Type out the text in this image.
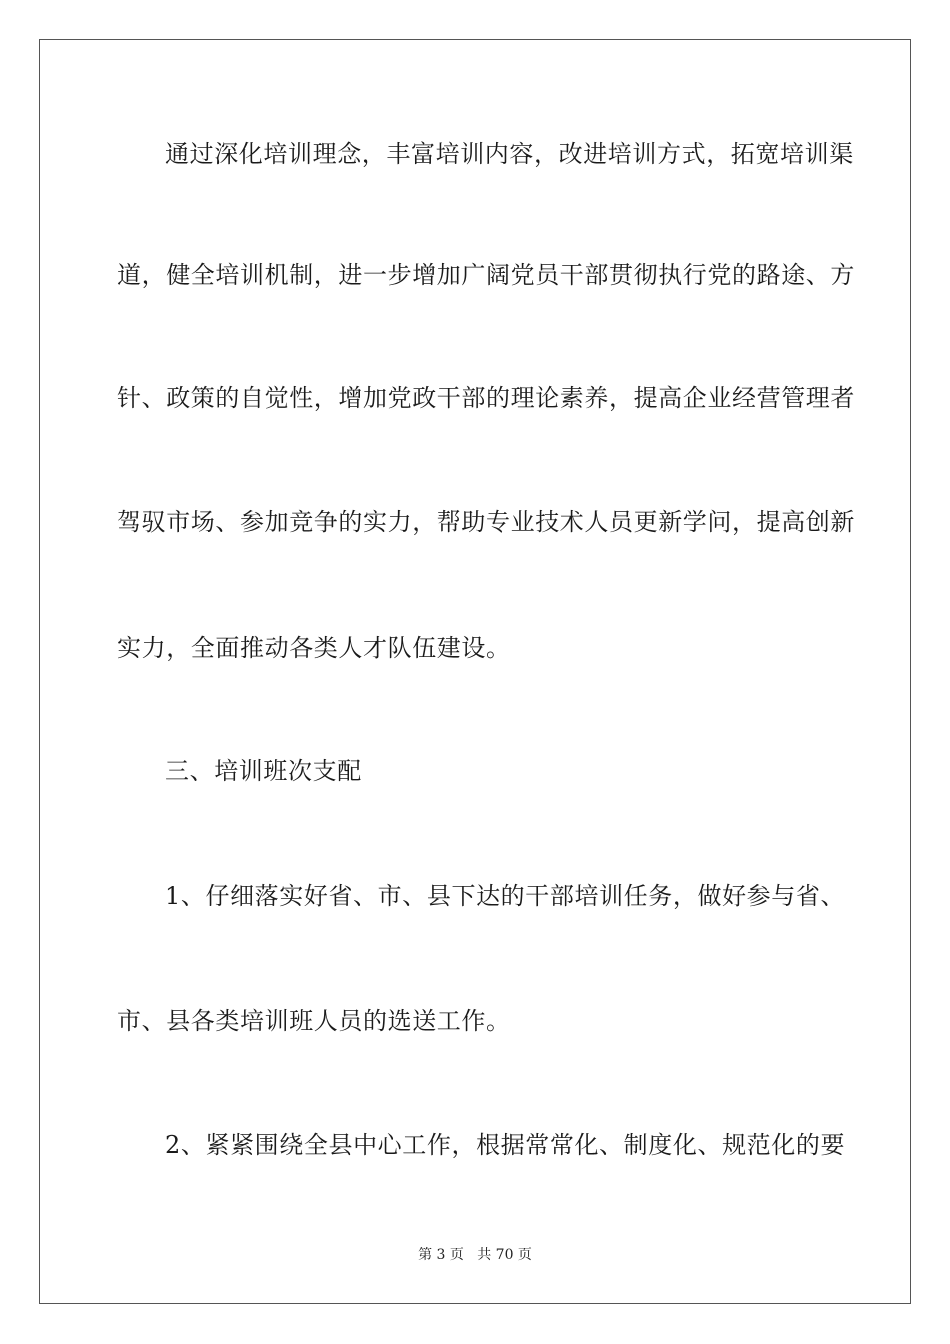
通过深化培训理念，丰富培训内容，改进培训方式，拓宽培训渠
道，健全培训机制，进一步增加广阔党员干部贯彻执行党的路途、方
针、政策的自觉性，增加党政干部的理论素养，提高企业经营管理者
驾驭市场、参加竞争的实力，帮助专业技术人员更新学问，提高创新
实力，全面推动各类人才队伍建设。
三、培训班次支配
1、仔细落实好省、市、县下达的干部培训任务，做好参与省、
市、县各类培训班人员的选送工作。
2、紧紧围绕全县中心工作，根据常常化、制度化、规范化的要
第 3 页   共 70 页
